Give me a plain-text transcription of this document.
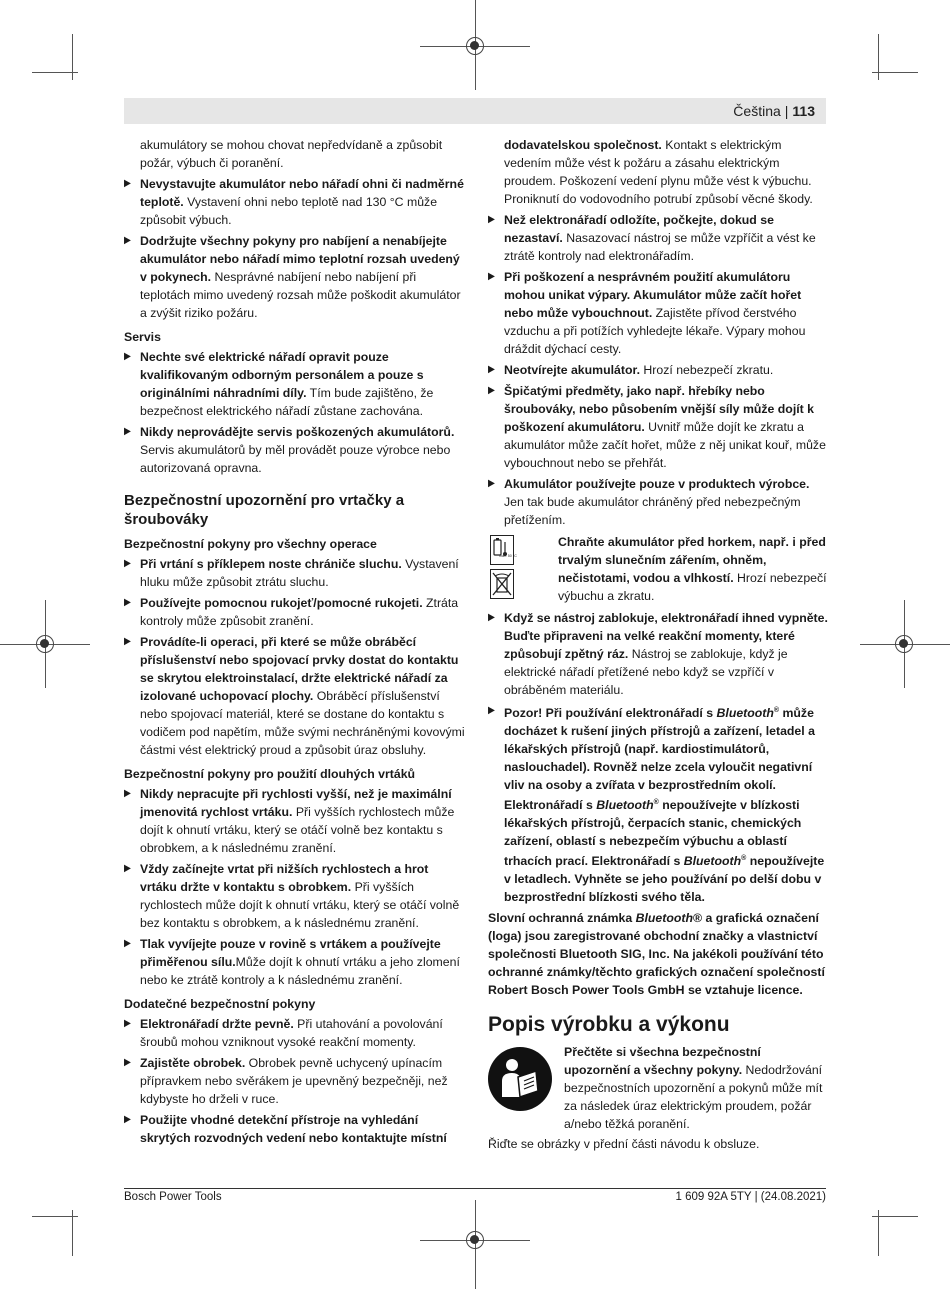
Čeština | 113
akumulátory se mohou chovat nepředvídaně a způsobit požár, výbuch či poranění.
▶ Nevystavujte akumulátor nebo nářadí ohni či nadměrné teplotě. Vystavení ohni nebo teplotě nad 130 °C může způsobit výbuch.
▶ Dodržujte všechny pokyny pro nabíjení a nenabíjejte akumulátor nebo nářadí mimo teplotní rozsah uvedený v pokynech. Nesprávné nabíjení nebo nabíjení při teplotách mimo uvedený rozsah může poškodit akumulátor a zvýšit riziko požáru.
Servis
▶ Nechte své elektrické nářadí opravit pouze kvalifikovaným odborným personálem a pouze s originálními náhradními díly. Tím bude zajištěno, že bezpečnost elektrického nářadí zůstane zachována.
▶ Nikdy neprovádějte servis poškozených akumulátorů. Servis akumulátorů by měl provádět pouze výrobce nebo autorizovaná opravna.
Bezpečnostní upozornění pro vrtačky a šroubováky
Bezpečnostní pokyny pro všechny operace
▶ Při vrtání s příklepem noste chrániče sluchu. Vystavení hluku může způsobit ztrátu sluchu.
▶ Používejte pomocnou rukojeť/pomocné rukojeti. Ztráta kontroly může způsobit zranění.
▶ Provádíte-li operaci, při které se může obráběcí příslušenství nebo spojovací prvky dostat do kontaktu se skrytou elektroinstalací, držte elektrické nářadí za izolované uchopovací plochy. Obráběcí příslušenství nebo spojovací materiál, které se dostane do kontaktu s vodičem pod napětím, může svými nechráněnými kovovými částmi vést elektrický proud a způsobit úraz obsluhy.
Bezpečnostní pokyny pro použití dlouhých vrtáků
▶ Nikdy nepracujte při rychlosti vyšší, než je maximální jmenovitá rychlost vrtáku. Při vyšších rychlostech může dojít k ohnutí vrtáku, který se otáčí volně bez kontaktu s obrobkem, a k následnému zranění.
▶ Vždy začínejte vrtat při nižších rychlostech a hrot vrtáku držte v kontaktu s obrobkem. Při vyšších rychlostech může dojít k ohnutí vrtáku, který se otáčí volně bez kontaktu s obrobkem, a k následnému zranění.
▶ Tlak vyvíjejte pouze v rovině s vrtákem a používejte přiměřenou sílu.Může dojít k ohnutí vrtáku a jeho zlomení nebo ke ztrátě kontroly a k následnému zranění.
Dodatečné bezpečnostní pokyny
▶ Elektronářadí držte pevně. Při utahování a povolování šroubů mohou vzniknout vysoké reakční momenty.
▶ Zajistěte obrobek. Obrobek pevně uchycený upínacím přípravkem nebo svěrákem je upevněný bezpečněji, než kdybyste ho drželi v ruce.
▶ Použijte vhodné detekční přístroje na vyhledání skrytých rozvodných vedení nebo kontaktujte místní
dodavatelskou společnost. Kontakt s elektrickým vedením může vést k požáru a zásahu elektrickým proudem. Poškození vedení plynu může vést k výbuchu. Proniknutí do vodovodního potrubí způsobí věcné škody.
▶ Než elektronářadí odložíte, počkejte, dokud se nezastaví. Nasazovací nástroj se může vzpříčit a vést ke ztrátě kontroly nad elektronářadím.
▶ Při poškození a nesprávném použití akumulátoru mohou unikat výpary. Akumulátor může začít hořet nebo může vybouchnout. Zajistěte přívod čerstvého vzduchu a při potížích vyhledejte lékaře. Výpary mohou dráždit dýchací cesty.
▶ Neotvírejte akumulátor. Hrozí nebezpečí zkratu.
▶ Špičatými předměty, jako např. hřebíky nebo šroubováky, nebo působením vnější síly může dojít k poškození akumulátoru. Uvnitř může dojít ke zkratu a akumulátor může začít hořet, může z něj unikat kouř, může vybouchnout nebo se přehřát.
▶ Akumulátor používejte pouze v produktech výrobce. Jen tak bude akumulátor chráněný před nebezpečným přetížením.
max. 50 °C
Chraňte akumulátor před horkem, např. i před trvalým slunečním zářením, ohněm, nečistotami, vodou a vlhkostí. Hrozí nebezpečí výbuchu a zkratu.
▶ Když se nástroj zablokuje, elektronářadí ihned vypněte. Buďte připraveni na velké reakční momenty, které způsobují zpětný ráz. Nástroj se zablokuje, když je elektrické nářadí přetížené nebo když se vzpříčí v obráběném materiálu.
▶ Pozor! Při používání elektronářadí s Bluetooth® může docházet k rušení jiných přístrojů a zařízení, letadel a lékařských přístrojů (např. kardiostimulátorů, naslouchadel). Rovněž nelze zcela vyloučit negativní vliv na osoby a zvířata v bezprostředním okolí. Elektronářadí s Bluetooth® nepoužívejte v blízkosti lékařských přístrojů, čerpacích stanic, chemických zařízení, oblastí s nebezpečím výbuchu a oblastí trhacích prací. Elektronářadí s Bluetooth® nepoužívejte v letadlech. Vyhněte se jeho používání po delší dobu v bezprostřední blízkosti svého těla.
Slovní ochranná známka Bluetooth® a grafická označení (loga) jsou zaregistrované obchodní značky a vlastnictví společnosti Bluetooth SIG, Inc. Na jakékoli používání této ochranné známky/těchto grafických označení společností Robert Bosch Power Tools GmbH se vztahuje licence.
Popis výrobku a výkonu
Přečtěte si všechna bezpečnostní upozornění a všechny pokyny. Nedodržování bezpečnostních upozornění a pokynů může mít za následek úraz elektrickým proudem, požár a/nebo těžká poranění.
Řiďte se obrázky v přední části návodu k obsluze.
Bosch Power Tools	1 609 92A 5TY | (24.08.2021)
